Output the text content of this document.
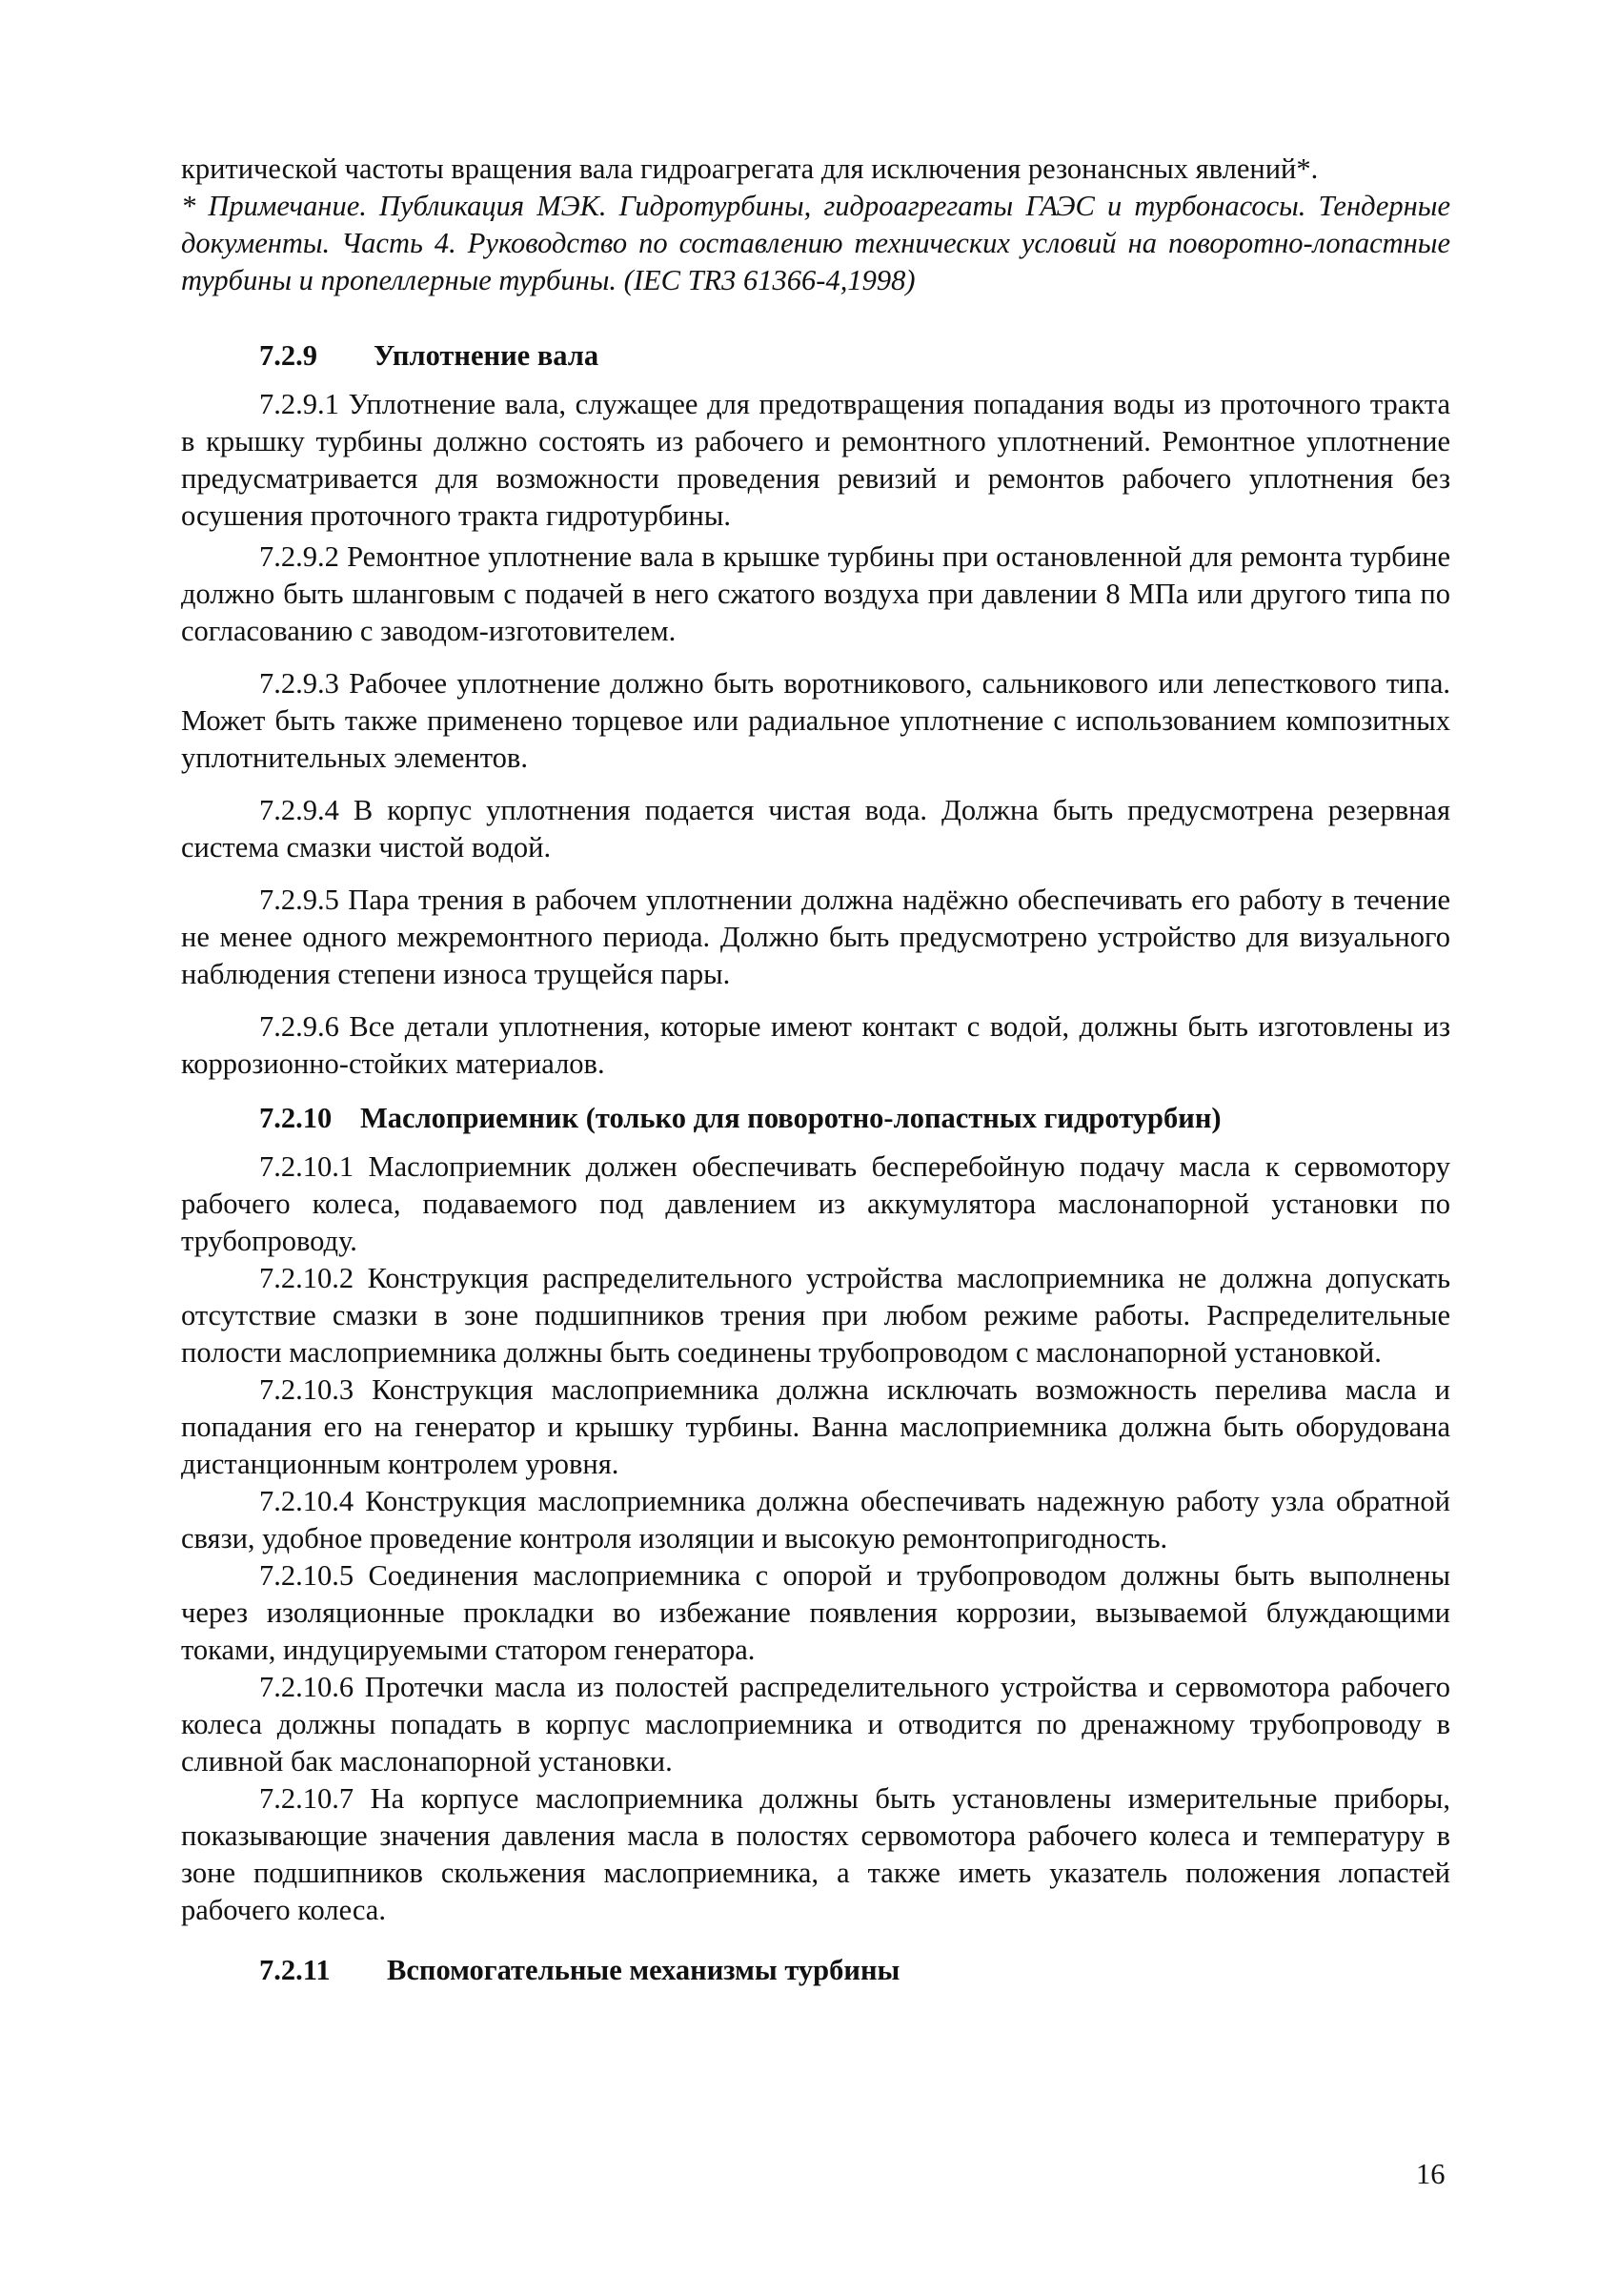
критической частоты вращения вала гидроагрегата для исключения резонансных явлений*.

* Примечание. Публикация МЭК. Гидротурбины, гидроагрегаты ГАЭС и турбонасосы. Тендерные документы. Часть 4. Руководство по составлению технических условий на поворотно-лопастные турбины и пропеллерные турбины. (IEC TR3 61366-4,1998)

7.2.9	Уплотнение вала

7.2.9.1 Уплотнение вала, служащее для предотвращения попадания воды из проточного тракта в крышку турбины должно состоять из рабочего и ремонтного уплотнений. Ремонтное уплотнение предусматривается для возможности проведения ревизий и ремонтов рабочего уплотнения без осушения проточного тракта гидротурбины.

7.2.9.2 Ремонтное уплотнение вала в крышке турбины при остановленной для ремонта турбине должно быть шланговым с подачей в него сжатого воздуха при давлении 8 МПа или другого типа по согласованию с заводом-изготовителем.

7.2.9.3 Рабочее уплотнение должно быть воротникового, сальникового или лепесткового типа. Может быть также применено торцевое или радиальное уплотнение с использованием композитных уплотнительных элементов.

7.2.9.4 В корпус уплотнения подается чистая вода. Должна быть предусмотрена резервная система смазки чистой водой.

7.2.9.5 Пара трения в рабочем уплотнении должна надёжно обеспечивать его работу в течение не менее одного межремонтного периода. Должно быть предусмотрено устройство для визуального наблюдения степени износа трущейся пары.

7.2.9.6 Все детали уплотнения, которые имеют контакт с водой, должны быть изготовлены из коррозионно-стойких материалов.

7.2.10 Маслоприемник (только для поворотно-лопастных гидротурбин)

7.2.10.1 Маслоприемник должен обеспечивать бесперебойную подачу масла к сервомотору рабочего колеса, подаваемого под давлением из аккумулятора маслонапорной установки по трубопроводу.

7.2.10.2 Конструкция распределительного устройства маслоприемника не должна допускать отсутствие смазки в зоне подшипников трения при любом режиме работы. Распределительные полости маслоприемника должны быть соединены трубопроводом с маслонапорной установкой.

7.2.10.3 Конструкция маслоприемника должна исключать возможность перелива масла и попадания его на генератор и крышку турбины. Ванна маслоприемника должна быть оборудована дистанционным контролем уровня.

7.2.10.4 Конструкция маслоприемника должна обеспечивать надежную работу узла обратной связи, удобное проведение контроля изоляции и высокую ремонтопригодность.

7.2.10.5 Соединения маслоприемника с опорой и трубопроводом должны быть выполнены через изоляционные прокладки во избежание появления коррозии, вызываемой блуждающими токами, индуцируемыми статором генератора.

7.2.10.6 Протечки масла из полостей распределительного устройства и сервомотора рабочего колеса должны попадать в корпус маслоприемника и отводится по дренажному трубопроводу в сливной бак маслонапорной установки.

7.2.10.7 На корпусе маслоприемника должны быть установлены измерительные приборы, показывающие значения давления масла в полостях сервомотора рабочего колеса и температуру в зоне подшипников скольжения маслоприемника, а также иметь указатель положения лопастей рабочего колеса.

7.2.11	Вспомогательные механизмы турбины
16
